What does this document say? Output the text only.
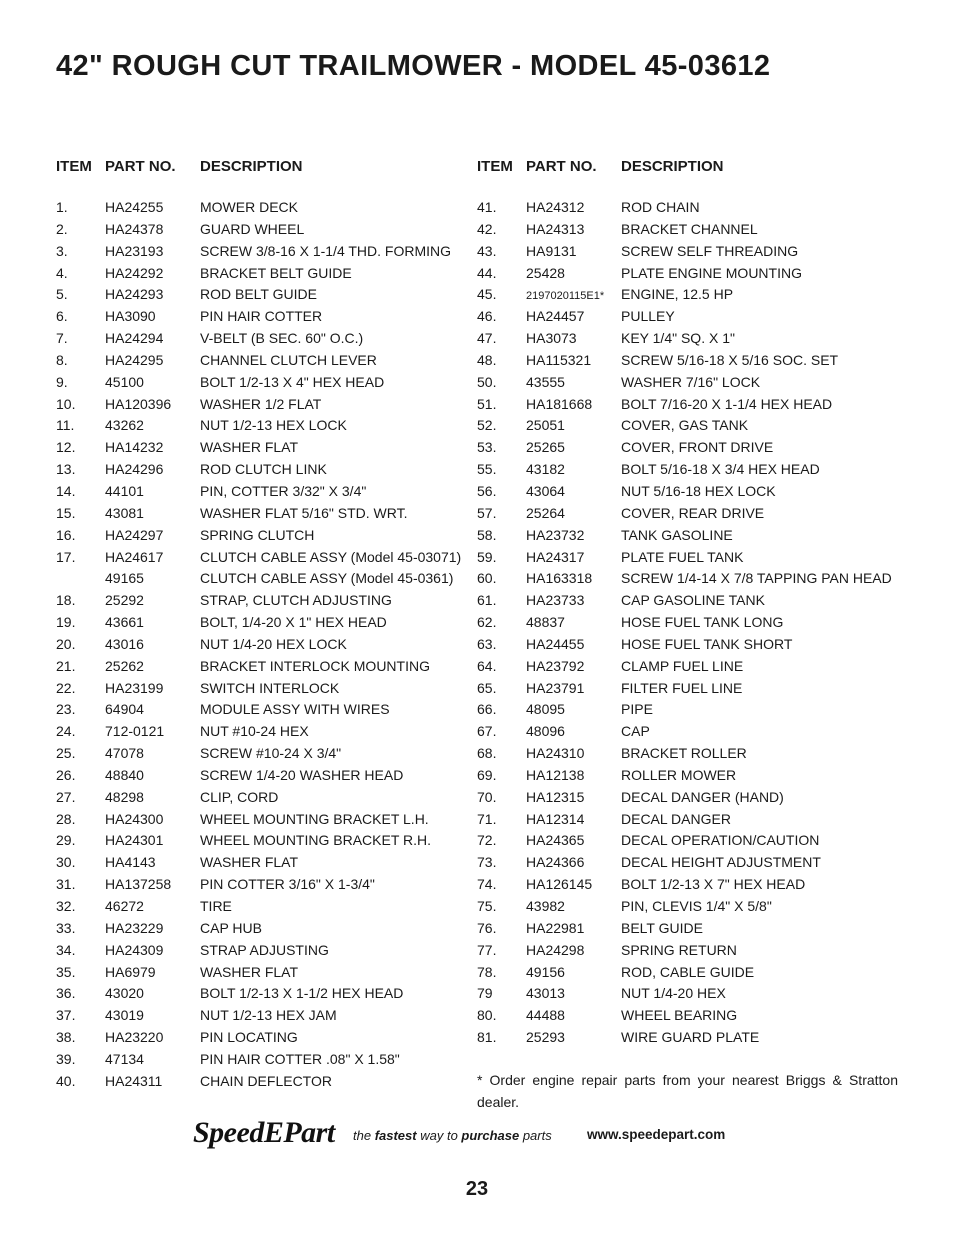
42" ROUGH CUT TRAILMOWER - MODEL 45-03612
ITEM PART NO. DESCRIPTION
1.	HA24255	MOWER DECK
2.	HA24378	GUARD WHEEL
3.	HA23193	SCREW 3/8-16 X 1-1/4 THD. FORMING
4.	HA24292	BRACKET BELT GUIDE
5.	HA24293	ROD BELT GUIDE
6.	HA3090	PIN HAIR COTTER
7.	HA24294	V-BELT (B SEC. 60" O.C.)
8.	HA24295	CHANNEL CLUTCH LEVER
9.	45100	BOLT 1/2-13 X 4" HEX HEAD
10. HA120396 WASHER 1/2 FLAT
11. 43262	NUT 1/2-13 HEX LOCK
12. HA14232	WASHER FLAT
13. HA24296	ROD CLUTCH LINK
14. 44101	PIN, COTTER 3/32" X 3/4"
15. 43081	WASHER FLAT 5/16" STD. WRT.
16. HA24297	SPRING CLUTCH
17. HA24617	CLUTCH CABLE ASSY (Model 45-03071)
49165	CLUTCH CABLE ASSY (Model 45-0361)
18. 25292	STRAP, CLUTCH ADJUSTING
19. 43661	BOLT, 1/4-20 X 1" HEX HEAD
20. 43016	NUT 1/4-20 HEX LOCK
21. 25262	BRACKET INTERLOCK MOUNTING
22. HA23199	SWITCH INTERLOCK
23. 64904	MODULE ASSY WITH WIRES
24. 712-0121	NUT #10-24 HEX
25. 47078	SCREW #10-24 X 3/4"
26. 48840	SCREW 1/4-20 WASHER HEAD
27. 48298	CLIP, CORD
28. HA24300	WHEEL MOUNTING BRACKET L.H.
29. HA24301	WHEEL MOUNTING BRACKET R.H.
30. HA4143	WASHER FLAT
31. HA137258 PIN COTTER 3/16" X 1-3/4"
32. 46272	TIRE
33. HA23229	CAP HUB
34. HA24309	STRAP ADJUSTING
35. HA6979	WASHER FLAT
36. 43020	BOLT 1/2-13 X 1-1/2 HEX HEAD
37. 43019	NUT 1/2-13 HEX JAM
38. HA23220	PIN LOCATING
39. 47134	PIN HAIR COTTER .08" X 1.58"
40. HA24311	CHAIN DEFLECTOR
ITEM PART NO. DESCRIPTION
41. HA24312	ROD CHAIN
42. HA24313	BRACKET CHANNEL
43. HA9131	SCREW SELF THREADING
44. 25428	PLATE ENGINE MOUNTING
45.	2197020115E1* ENGINE, 12.5 HP
46. HA24457	PULLEY
47. HA3073	KEY 1/4" SQ. X 1"
48. HA115321 SCREW 5/16-18 X 5/16 SOC. SET
50. 43555	WASHER 7/16" LOCK
51. HA181668 BOLT 7/16-20 X 1-1/4 HEX HEAD
52. 25051	COVER, GAS TANK
53. 25265	COVER, FRONT DRIVE
55. 43182	BOLT 5/16-18 X 3/4 HEX HEAD
56. 43064	NUT 5/16-18 HEX LOCK
57. 25264	COVER, REAR DRIVE
58. HA23732	TANK GASOLINE
59. HA24317	PLATE FUEL TANK
60. HA163318 SCREW 1/4-14 X 7/8 TAPPING PAN HEAD
61. HA23733	CAP GASOLINE TANK
62. 48837	HOSE FUEL TANK LONG
63. HA24455	HOSE FUEL TANK SHORT
64. HA23792	CLAMP FUEL LINE
65. HA23791	FILTER FUEL LINE
66. 48095	PIPE
67. 48096	CAP
68. HA24310	BRACKET ROLLER
69. HA12138	ROLLER MOWER
70. HA12315	DECAL DANGER (HAND)
71. HA12314	DECAL DANGER
72. HA24365	DECAL OPERATION/CAUTION
73. HA24366	DECAL HEIGHT ADJUSTMENT
74. HA126145 BOLT 1/2-13 X 7" HEX HEAD
75. 43982	PIN, CLEVIS 1/4" X 5/8"
76. HA22981	BELT GUIDE
77. HA24298	SPRING RETURN
78. 49156	ROD, CABLE GUIDE
79 43013	NUT 1/4-20 HEX
80. 44488	WHEEL BEARING
81. 25293	WIRE GUARD PLATE
* Order engine repair parts from your nearest Briggs & Stratton dealer.
SpeedEPart the fastest way to purchase parts	www.speedepart.com
23
